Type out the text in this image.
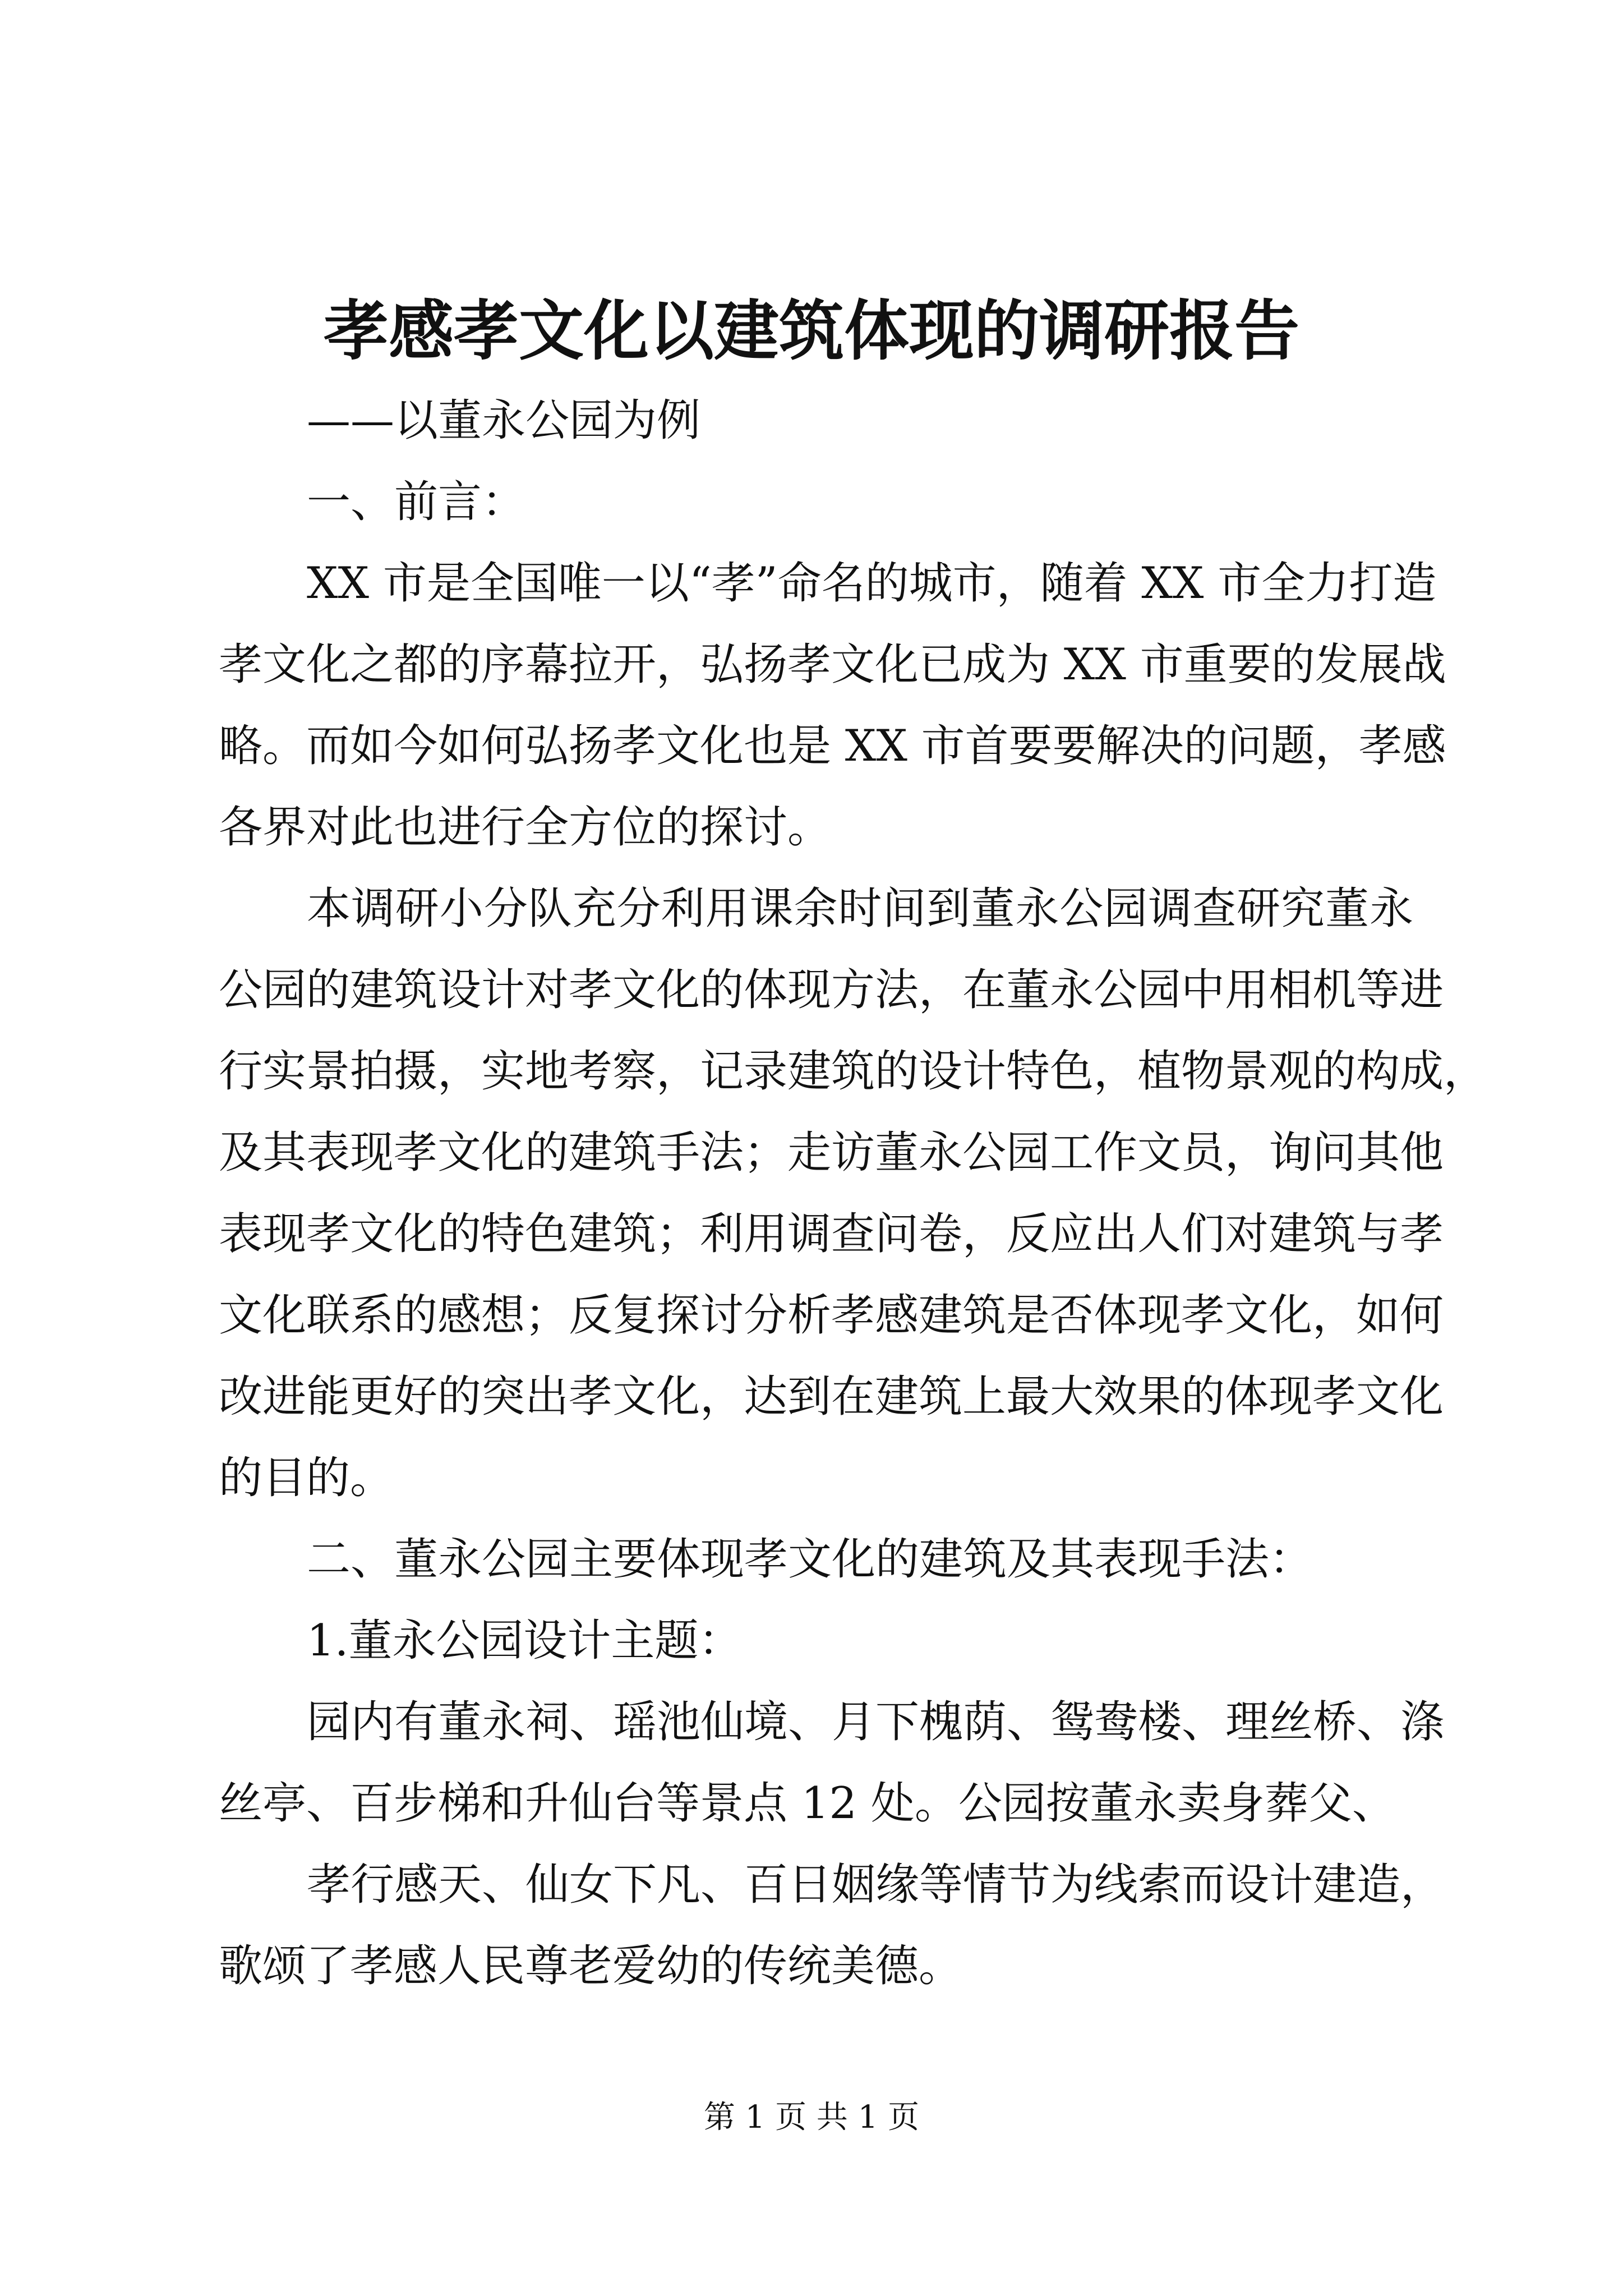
孝感孝文化以建筑体现的调研报告
——以董永公园为例
一、前言：
XX 市是全国唯一以“孝”命名的城市，随着 XX 市全力打造
孝文化之都的序幕拉开，弘扬孝文化已成为 XX 市重要的发展战
略。而如今如何弘扬孝文化也是 XX 市首要要解决的问题，孝感
各界对此也进行全方位的探讨。
本调研小分队充分利用课余时间到董永公园调查研究董永
公园的建筑设计对孝文化的体现方法，在董永公园中用相机等进
行实景拍摄，实地考察，记录建筑的设计特色，植物景观的构成，
及其表现孝文化的建筑手法；走访董永公园工作文员，询问其他
表现孝文化的特色建筑；利用调查问卷，反应出人们对建筑与孝
文化联系的感想；反复探讨分析孝感建筑是否体现孝文化，如何
改进能更好的突出孝文化，达到在建筑上最大效果的体现孝文化
的目的。
二、董永公园主要体现孝文化的建筑及其表现手法：
1.董永公园设计主题：
园内有董永祠、瑶池仙境、月下槐荫、鸳鸯楼、理丝桥、涤
丝亭、百步梯和升仙台等景点 12 处。公园按董永卖身葬父、
孝行感天、仙女下凡、百日姻缘等情节为线索而设计建造，
歌颂了孝感人民尊老爱幼的传统美德。
第 1 页 共 1 页
